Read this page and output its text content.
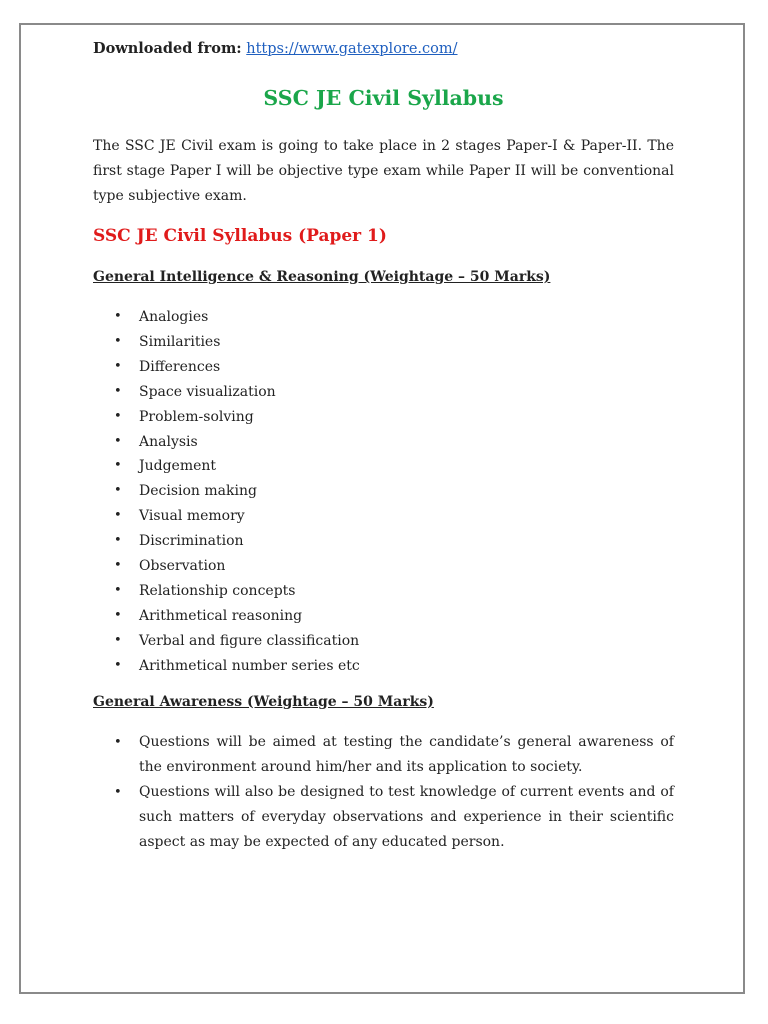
Downloaded from: https://www.gatexplore.com/

SSC JE Civil Syllabus

The SSC JE Civil exam is going to take place in 2 stages Paper-I & Paper-II. The first stage Paper I will be objective type exam while Paper II will be conventional type subjective exam.

SSC JE Civil Syllabus (Paper 1)
General Intelligence & Reasoning (Weightage – 50 Marks)
• Analogies
• Similarities
• Differences
• Space visualization
• Problem-solving
• Analysis
• Judgement
• Decision making
• Visual memory
• Discrimination
• Observation
• Relationship concepts
• Arithmetical reasoning
• Verbal and figure classification
• Arithmetical number series etc
General Awareness (Weightage – 50 Marks)
• Questions will be aimed at testing the candidate’s general awareness of the environment around him/her and its application to society.
• Questions will also be designed to test knowledge of current events and of such matters of everyday observations and experience in their scientific aspect as may be expected of any educated person.
